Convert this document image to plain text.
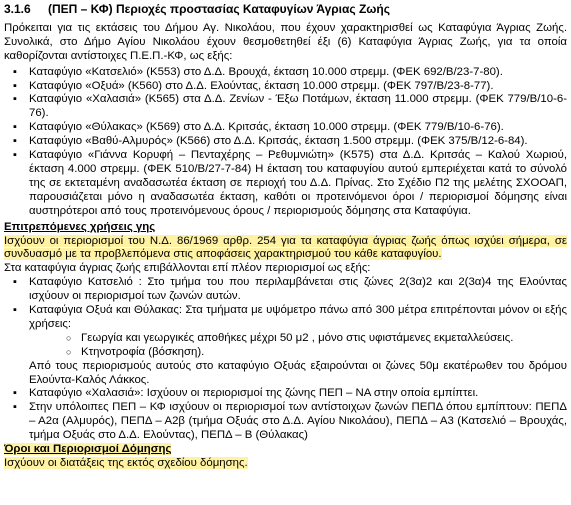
3.1.6 (ΠΕΠ – ΚΦ) Περιοχές προστασίας Καταφυγίων Άγριας Ζωής

Πρόκειται για τις εκτάσεις του Δήμου Αγ. Νικολάου, που έχουν χαρακτηρισθεί ως Καταφύγια Άγριας Ζωής. Συνολικά, στο Δήμο Αγίου Νικολάου έχουν θεσμοθετηθεί έξι (6) Καταφύγια Άγριας Ζωής, για τα οποία καθορίζονται αντίστοιχες Π.Ε.Π.-ΚΦ, ως εξής:

▪ Καταφύγιο «Κατσελιό» (Κ553) στο Δ.Δ. Βρουχά, έκταση 10.000 στρεμμ. (ΦΕΚ 692/Β/23-7-80).
▪ Καταφύγιο «Οξυά» (Κ560) στο Δ.Δ. Ελούντας, έκταση 10.000 στρεμμ. (ΦΕΚ 797/Β/23-8-77).
▪ Καταφύγιο «Χαλασιά» (Κ565) στα Δ.Δ. Ζενίων - Έξω Ποτάμων, έκταση 11.000 στρεμμ. (ΦΕΚ 779/Β/10-6-76).
▪ Καταφύγιο «Θύλακας» (Κ569) στο Δ.Δ. Κριτσάς, έκταση 10.000 στρεμμ. (ΦΕΚ 779/Β/10-6-76).
▪ Καταφύγιο «Βαθύ-Αλμυρός» (Κ566) στο Δ.Δ. Κριτσάς, έκταση 1.500 στρεμμ. (ΦΕΚ 375/Β/12-6-84).
▪ Καταφύγιο «Γιάννα Κορυφή – Πενταχέρης – Ρεθυμνιώτη» (Κ575) στα Δ.Δ. Κριτσάς – Καλού Χωριού, έκταση 4.000 στρεμμ. (ΦΕΚ 510/Β/27-7-84) Η έκταση του καταφυγίου αυτού εμπεριέχεται κατά το σύνολό της σε εκτεταμένη αναδασωτέα έκταση σε περιοχή του Δ.Δ. Πρίνας. Στο Σχέδιο Π2 της μελέτης ΣΧΟΟΑΠ, παρουσιάζεται μόνο η αναδασωτέα έκταση, καθότι οι προτεινόμενοι όροι / περιορισμοί δόμησης είναι αυστηρότεροι από τους προτεινόμενους όρους / περιορισμούς δόμησης στα Καταφύγια.
Επιτρεπόμενες χρήσεις γης

Ισχύουν οι περιορισμοί του Ν.Δ. 86/1969 αρθρ. 254 για τα καταφύγια άγριας ζωής όπως ισχύει σήμερα, σε συνδυασμό με τα προβλεπόμενα στις αποφάσεις χαρακτηρισμού του κάθε καταφυγίου.

Στα καταφύγια άγριας ζωής επιβάλλονται επί πλέον περιορισμοί ως εξής:

▪ Καταφύγιο Κατσελιό : Στο τμήμα του που περιλαμβάνεται στις ζώνες 2(3α)2 και 2(3α)4 της Ελούντας ισχύουν οι περιορισμοί των ζωνών αυτών.
▪ Καταφύγια Οξυά και Θύλακας: Στα τμήματα με υψόμετρο πάνω από 300 μέτρα επιτρέπονται μόνον οι εξής χρήσεις:
○ Γεωργία και γεωργικές αποθήκες μέχρι 50 μ2 , μόνο στις υφιστάμενες εκμεταλλεύσεις.
○ Κτηνοτροφία (βόσκηση).
Από τους περιορισμούς αυτούς στο καταφύγιο Οξυάς εξαιρούνται οι ζώνες 50μ εκατέρωθεν του δρόμου Ελούντα-Καλός Λάκκος.
▪ Καταφύγιο «Χαλασιά»: Ισχύουν οι περιορισμοί της ζώνης ΠΕΠ – ΝΑ στην οποία εμπίπτει.
▪ Στην υπόλοιπες ΠΕΠ – ΚΦ ισχύουν οι περιορισμοί των αντίστοιχων ζωνών ΠΕΠΔ όπου εμπίπτουν: ΠΕΠΔ – Α2α (Αλμυρός), ΠΕΠΔ – Α2β (τμήμα Οξυάς στο Δ.Δ. Αγίου Νικολάου), ΠΕΠΔ – Α3 (Κατσελιό – Βρουχάς, τμήμα Οξυάς στο Δ.Δ. Ελούντας), ΠΕΠΔ – Β (Θύλακας)
Όροι και Περιορισμοί Δόμησης

Ισχύουν οι διατάξεις της εκτός σχεδίου δόμησης.
